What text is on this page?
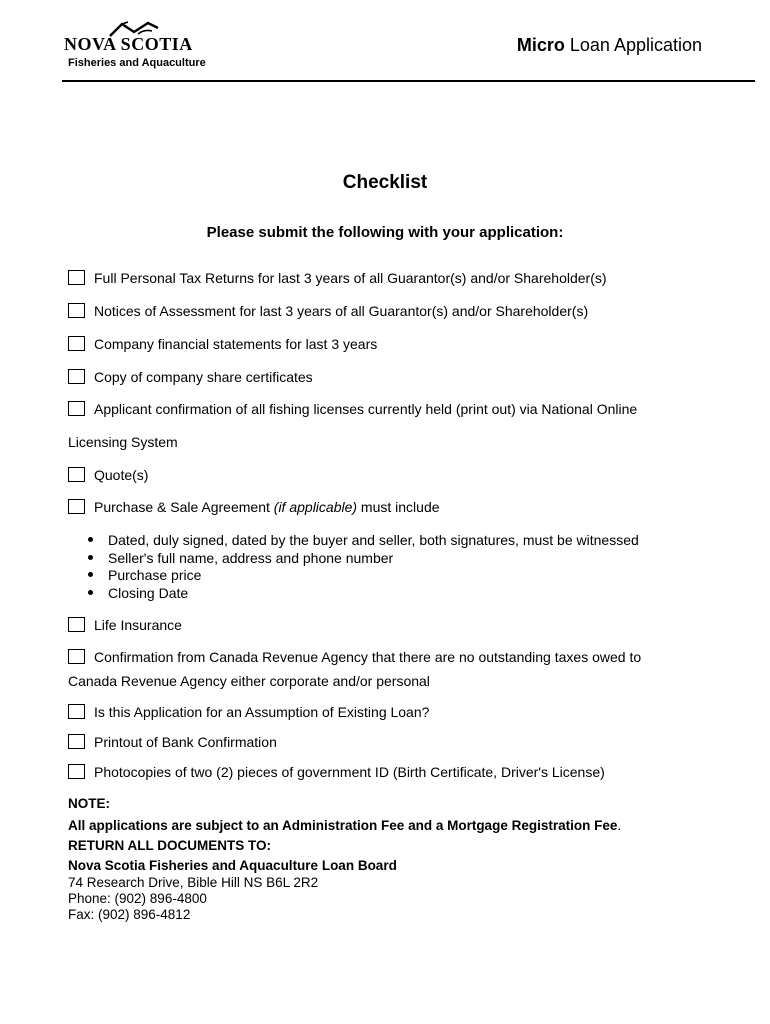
NOVA SCOTIA
Fisheries and Aquaculture
Micro Loan Application
Checklist
Please submit the following with your application:
Full Personal Tax Returns for last 3 years of all Guarantor(s) and/or Shareholder(s)
Notices of Assessment for last 3 years of all Guarantor(s) and/or Shareholder(s)
Company financial statements for last 3 years
Copy of company share certificates
Applicant confirmation of all fishing licenses currently held (print out) via National Online
Licensing System
Quote(s)
Purchase & Sale Agreement (if applicable) must include
Dated, duly signed, dated by the buyer and seller, both signatures, must be witnessed
Seller's full name, address and phone number
Purchase price
Closing Date
Life Insurance
Confirmation from Canada Revenue Agency that there are no outstanding taxes owed to
Canada Revenue Agency either corporate and/or personal
Is this Application for an Assumption of Existing Loan?
Printout of Bank Confirmation
Photocopies of two (2) pieces of government ID (Birth Certificate, Driver's License)
NOTE:
All applications are subject to an Administration Fee and a Mortgage Registration Fee.
RETURN ALL DOCUMENTS TO:
Nova Scotia Fisheries and Aquaculture Loan Board
74 Research Drive, Bible Hill NS B6L 2R2
Phone: (902) 896-4800
Fax: (902) 896-4812
